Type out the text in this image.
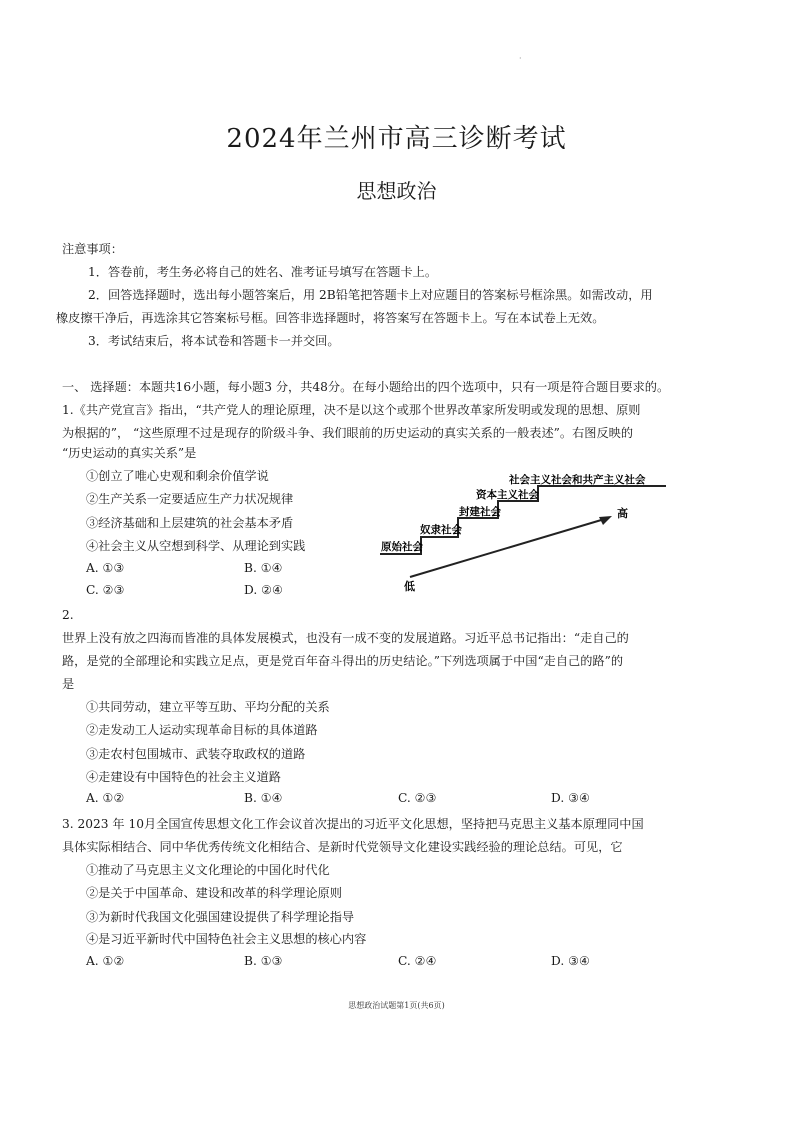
·
2024年兰州市高三诊断考试
思想政治
注意事项：
1．答卷前，考生务必将自己的姓名、准考证号填写在答题卡上。
2．回答选择题时，选出每小题答案后，用 2B铅笔把答题卡上对应题目的答案标号框涂黑。如需改动，用
橡皮擦干净后，再选涂其它答案标号框。回答非选择题时，将答案写在答题卡上。写在本试卷上无效。
3．考试结束后，将本试卷和答题卡一并交回。
一、 选择题：本题共16小题，每小题3 分，共48分。在每小题给出的四个选项中，只有一项是符合题目要求的。
1.《共产党宣言》指出，“共产党人的理论原理，决不是以这个或那个世界改革家所发明或发现的思想、原则
为根据的”， “这些原理不过是现存的阶级斗争、我们眼前的历史运动的真实关系的一般表述”。右图反映的
“历史运动的真实关系”是
①创立了唯心史观和剩余价值学说
②生产关系一定要适应生产力状况规律
③经济基础和上层建筑的社会基本矛盾
④社会主义从空想到科学、从理论到实践
A. ①③	B. ①④
C. ②③	D. ②④
原始社会
奴隶社会
封建社会
资本主义社会
社会主义社会和共产主义社会
高
低
2.
世界上没有放之四海而皆准的具体发展模式，也没有一成不变的发展道路。习近平总书记指出：“走自己的
路，是党的全部理论和实践立足点，更是党百年奋斗得出的历史结论。”下列选项属于中国“走自己的路”的
是
①共同劳动，建立平等互助、平均分配的关系
②走发动工人运动实现革命目标的具体道路
③走农村包围城市、武装夺取政权的道路
④走建设有中国特色的社会主义道路
A. ①②	B. ①④	C. ②③	D. ③④
3. 2023 年 10月全国宣传思想文化工作会议首次提出的习近平文化思想，坚持把马克思主义基本原理同中国
具体实际相结合、同中华优秀传统文化相结合、是新时代党领导文化建设实践经验的理论总结。可见，它
①推动了马克思主义文化理论的中国化时代化
②是关于中国革命、建设和改革的科学理论原则
③为新时代我国文化强国建设提供了科学理论指导
④是习近平新时代中国特色社会主义思想的核心内容
A. ①②	B. ①③	C. ②④	D. ③④
思想政治试题第1页(共6页)
